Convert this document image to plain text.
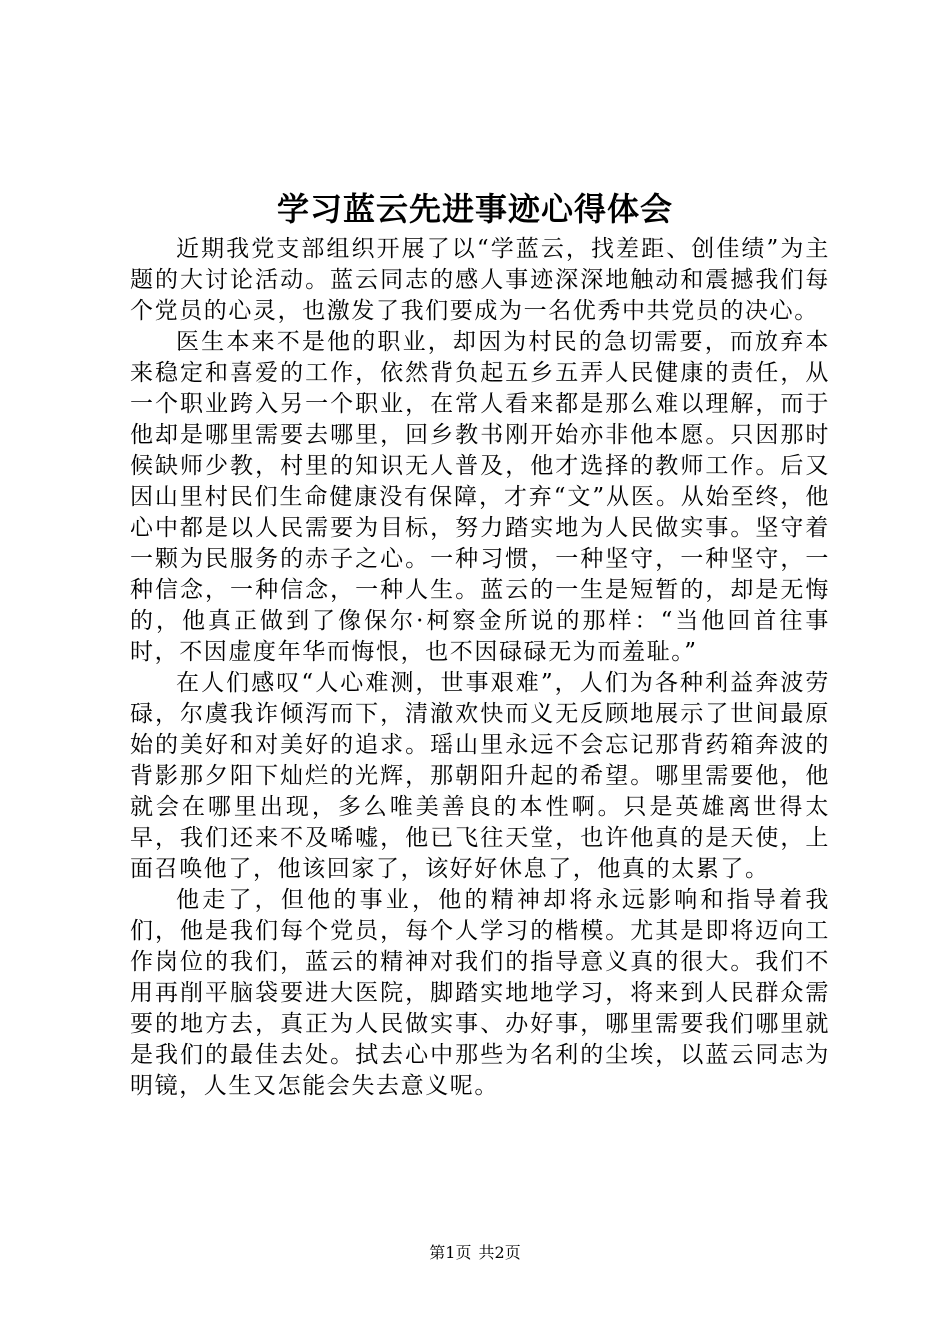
学习蓝云先进事迹心得体会

近期我党支部组织开展了以“学蓝云，找差距、创佳绩”为主题的大讨论活动。蓝云同志的感人事迹深深地触动和震撼我们每个党员的心灵，也激发了我们要成为一名优秀中共党员的决心。

医生本来不是他的职业，却因为村民的急切需要，而放弃本来稳定和喜爱的工作，依然背负起五乡五弄人民健康的责任，从一个职业跨入另一个职业，在常人看来都是那么难以理解，而于他却是哪里需要去哪里，回乡教书刚开始亦非他本愿。只因那时候缺师少教，村里的知识无人普及，他才选择的教师工作。后又因山里村民们生命健康没有保障，才弃“文”从医。从始至终，他心中都是以人民需要为目标，努力踏实地为人民做实事。坚守着一颗为民服务的赤子之心。一种习惯，一种坚守，一种坚守，一种信念，一种信念，一种人生。蓝云的一生是短暂的，却是无悔的，他真正做到了像保尔·柯察金所说的那样：“当他回首往事时，不因虚度年华而悔恨，也不因碌碌无为而羞耻。”

在人们感叹“人心难测，世事艰难”，人们为各种利益奔波劳碌，尔虞我诈倾泻而下，清澈欢快而义无反顾地展示了世间最原始的美好和对美好的追求。瑶山里永远不会忘记那背药箱奔波的背影那夕阳下灿烂的光辉，那朝阳升起的希望。哪里需要他，他就会在哪里出现，多么唯美善良的本性啊。只是英雄离世得太早，我们还来不及唏嘘，他已飞往天堂，也许他真的是天使，上面召唤他了，他该回家了，该好好休息了，他真的太累了。

他走了，但他的事业，他的精神却将永远影响和指导着我们，他是我们每个党员，每个人学习的楷模。尤其是即将迈向工作岗位的我们，蓝云的精神对我们的指导意义真的很大。我们不用再削平脑袋要进大医院，脚踏实地地学习，将来到人民群众需要的地方去，真正为人民做实事、办好事，哪里需要我们哪里就是我们的最佳去处。拭去心中那些为名利的尘埃，以蓝云同志为明镜，人生又怎能会失去意义呢。

第1页 共2页
